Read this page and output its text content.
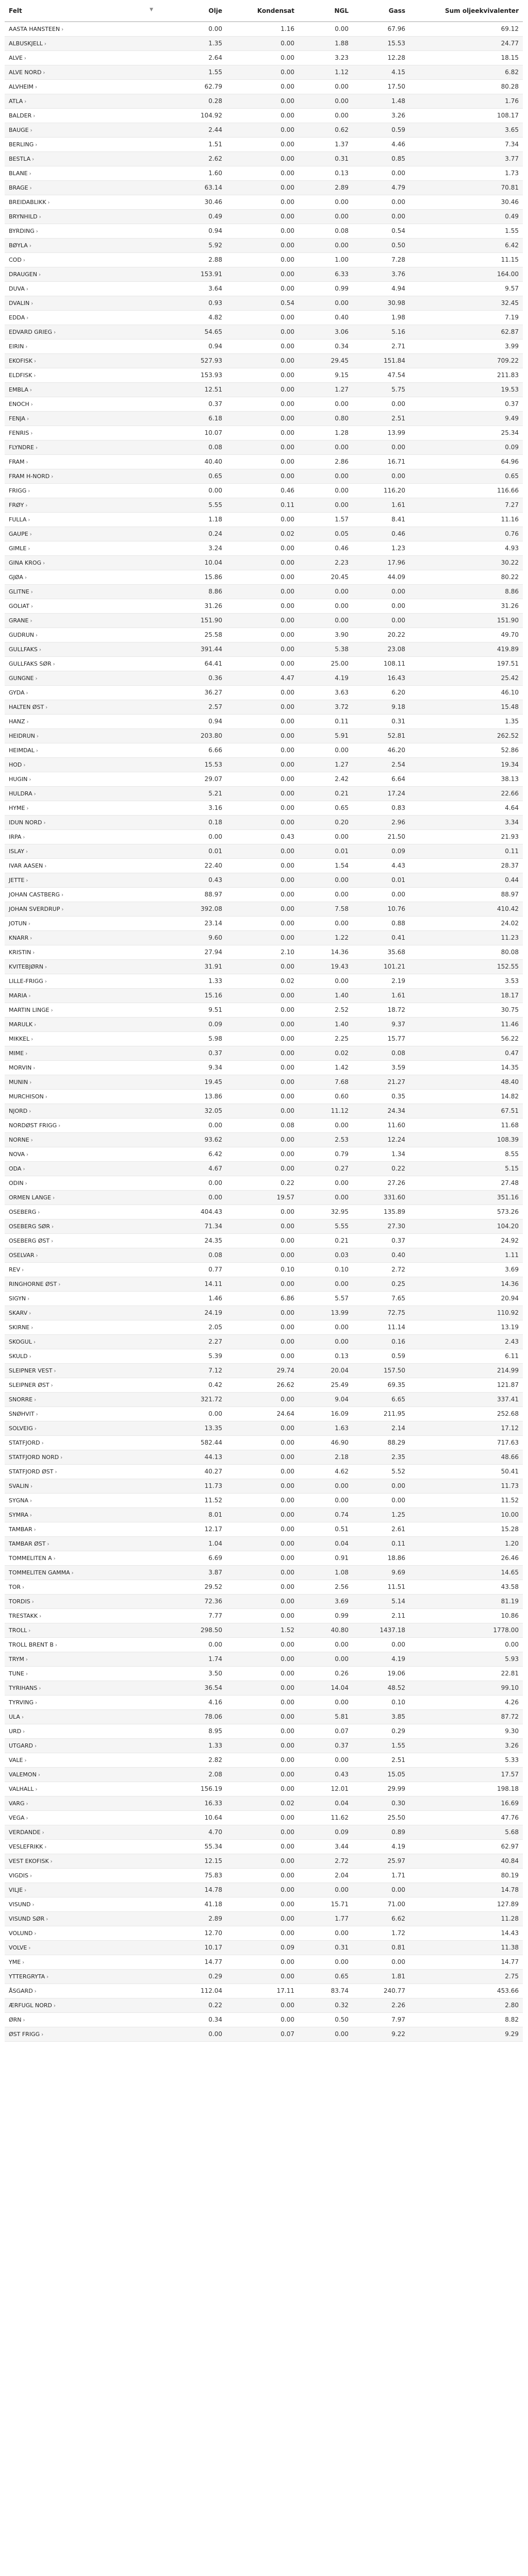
Felt ▼	Olje	Kondensat	NGL	Gass	Sum oljeekvivalenter
AASTA HANSTEEN ›	0.00	1.16	0.00	67.96	69.12
ALBUSKJELL ›	1.35	0.00	1.88	15.53	24.77
ALVE ›	2.64	0.00	3.23	12.28	18.15
ALVE NORD ›	1.55	0.00	1.12	4.15	6.82
ALVHEIM ›	62.79	0.00	0.00	17.50	80.28
ATLA ›	0.28	0.00	0.00	1.48	1.76
BALDER ›	104.92	0.00	0.00	3.26	108.17
BAUGE ›	2.44	0.00	0.62	0.59	3.65
BERLING ›	1.51	0.00	1.37	4.46	7.34
BESTLA ›	2.62	0.00	0.31	0.85	3.77
BLANE ›	1.60	0.00	0.13	0.00	1.73
BRAGE ›	63.14	0.00	2.89	4.79	70.81
BREIDABLIKK ›	30.46	0.00	0.00	0.00	30.46
BRYNHILD ›	0.49	0.00	0.00	0.00	0.49
BYRDING ›	0.94	0.00	0.08	0.54	1.55
BØYLA ›	5.92	0.00	0.00	0.50	6.42
COD ›	2.88	0.00	1.00	7.28	11.15
DRAUGEN ›	153.91	0.00	6.33	3.76	164.00
DUVA ›	3.64	0.00	0.99	4.94	9.57
DVALIN ›	0.93	0.54	0.00	30.98	32.45
EDDA ›	4.82	0.00	0.40	1.98	7.19
EDVARD GRIEG ›	54.65	0.00	3.06	5.16	62.87
EIRIN ›	0.94	0.00	0.34	2.71	3.99
EKOFISK ›	527.93	0.00	29.45	151.84	709.22
ELDFISK ›	153.93	0.00	9.15	47.54	211.83
EMBLA ›	12.51	0.00	1.27	5.75	19.53
ENOCH ›	0.37	0.00	0.00	0.00	0.37
FENJA ›	6.18	0.00	0.80	2.51	9.49
FENRIS ›	10.07	0.00	1.28	13.99	25.34
FLYNDRE ›	0.08	0.00	0.00	0.00	0.09
FRAM ›	40.40	0.00	2.86	16.71	64.96
FRAM H-NORD ›	0.65	0.00	0.00	0.00	0.65
FRIGG ›	0.00	0.46	0.00	116.20	116.66
FRØY ›	5.55	0.11	0.00	1.61	7.27
FULLA ›	1.18	0.00	1.57	8.41	11.16
GAUPE ›	0.24	0.02	0.05	0.46	0.76
GIMLE ›	3.24	0.00	0.46	1.23	4.93
GINA KROG ›	10.04	0.00	2.23	17.96	30.22
GJØA ›	15.86	0.00	20.45	44.09	80.22
GLITNE ›	8.86	0.00	0.00	0.00	8.86
GOLIAT ›	31.26	0.00	0.00	0.00	31.26
GRANE ›	151.90	0.00	0.00	0.00	151.90
GUDRUN ›	25.58	0.00	3.90	20.22	49.70
GULLFAKS ›	391.44	0.00	5.38	23.08	419.89
GULLFAKS SØR ›	64.41	0.00	25.00	108.11	197.51
GUNGNE ›	0.36	4.47	4.19	16.43	25.42
GYDA ›	36.27	0.00	3.63	6.20	46.10
HALTEN ØST ›	2.57	0.00	3.72	9.18	15.48
HANZ ›	0.94	0.00	0.11	0.31	1.35
HEIDRUN ›	203.80	0.00	5.91	52.81	262.52
HEIMDAL ›	6.66	0.00	0.00	46.20	52.86
HOD ›	15.53	0.00	1.27	2.54	19.34
HUGIN ›	29.07	0.00	2.42	6.64	38.13
HULDRA ›	5.21	0.00	0.21	17.24	22.66
HYME ›	3.16	0.00	0.65	0.83	4.64
IDUN NORD ›	0.18	0.00	0.20	2.96	3.34
IRPA ›	0.00	0.43	0.00	21.50	21.93
ISLAY ›	0.01	0.00	0.01	0.09	0.11
IVAR AASEN ›	22.40	0.00	1.54	4.43	28.37
JETTE ›	0.43	0.00	0.00	0.01	0.44
JOHAN CASTBERG ›	88.97	0.00	0.00	0.00	88.97
JOHAN SVERDRUP ›	392.08	0.00	7.58	10.76	410.42
JOTUN ›	23.14	0.00	0.00	0.88	24.02
KNARR ›	9.60	0.00	1.22	0.41	11.23
KRISTIN ›	27.94	2.10	14.36	35.68	80.08
KVITEBJØRN ›	31.91	0.00	19.43	101.21	152.55
LILLE-FRIGG ›	1.33	0.02	0.00	2.19	3.53
MARIA ›	15.16	0.00	1.40	1.61	18.17
MARTIN LINGE ›	9.51	0.00	2.52	18.72	30.75
MARULK ›	0.09	0.00	1.40	9.37	11.46
MIKKEL ›	5.98	0.00	2.25	15.77	56.22
MIME ›	0.37	0.00	0.02	0.08	0.47
MORVIN ›	9.34	0.00	1.42	3.59	14.35
MUNIN ›	19.45	0.00	7.68	21.27	48.40
MURCHISON ›	13.86	0.00	0.60	0.35	14.82
NJORD ›	32.05	0.00	11.12	24.34	67.51
NORDØST FRIGG ›	0.00	0.08	0.00	11.60	11.68
NORNE ›	93.62	0.00	2.53	12.24	108.39
NOVA ›	6.42	0.00	0.79	1.34	8.55
ODA ›	4.67	0.00	0.27	0.22	5.15
ODIN ›	0.00	0.22	0.00	27.26	27.48
ORMEN LANGE ›	0.00	19.57	0.00	331.60	351.16
OSEBERG ›	404.43	0.00	32.95	135.89	573.26
OSEBERG SØR ›	71.34	0.00	5.55	27.30	104.20
OSEBERG ØST ›	24.35	0.00	0.21	0.37	24.92
OSELVAR ›	0.08	0.00	0.03	0.40	1.11
REV ›	0.77	0.10	0.10	2.72	3.69
RINGHORNE ØST ›	14.11	0.00	0.00	0.25	14.36
SIGYN ›	1.46	6.86	5.57	7.65	20.94
SKARV ›	24.19	0.00	13.99	72.75	110.92
SKIRNE ›	2.05	0.00	0.00	11.14	13.19
SKOGUL ›	2.27	0.00	0.00	0.16	2.43
SKULD ›	5.39	0.00	0.13	0.59	6.11
SLEIPNER VEST ›	7.12	29.74	20.04	157.50	214.99
SLEIPNER ØST ›	0.42	26.62	25.49	69.35	121.87
SNORRE ›	321.72	0.00	9.04	6.65	337.41
SNØHVIT ›	0.00	24.64	16.09	211.95	252.68
SOLVEIG ›	13.35	0.00	1.63	2.14	17.12
STATFJORD ›	582.44	0.00	46.90	88.29	717.63
STATFJORD NORD ›	44.13	0.00	2.18	2.35	48.66
STATFJORD ØST ›	40.27	0.00	4.62	5.52	50.41
SVALIN ›	11.73	0.00	0.00	0.00	11.73
SYGNA ›	11.52	0.00	0.00	0.00	11.52
SYMRA ›	8.01	0.00	0.74	1.25	10.00
TAMBAR ›	12.17	0.00	0.51	2.61	15.28
TAMBAR ØST ›	1.04	0.00	0.04	0.11	1.20
TOMMELITEN A ›	6.69	0.00	0.91	18.86	26.46
TOMMELITEN GAMMA ›	3.87	0.00	1.08	9.69	14.65
TOR ›	29.52	0.00	2.56	11.51	43.58
TORDIS ›	72.36	0.00	3.69	5.14	81.19
TRESTAKK ›	7.77	0.00	0.99	2.11	10.86
TROLL ›	298.50	1.52	40.80	1437.18	1778.00
TROLL BRENT B ›	0.00	0.00	0.00	0.00	0.00
TRYM ›	1.74	0.00	0.00	4.19	5.93
TUNE ›	3.50	0.00	0.26	19.06	22.81
TYRIHANS ›	36.54	0.00	14.04	48.52	99.10
TYRVING ›	4.16	0.00	0.00	0.10	4.26
ULA ›	78.06	0.00	5.81	3.85	87.72
URD ›	8.95	0.00	0.07	0.29	9.30
UTGARD ›	1.33	0.00	0.37	1.55	3.26
VALE ›	2.82	0.00	0.00	2.51	5.33
VALEMON ›	2.08	0.00	0.43	15.05	17.57
VALHALL ›	156.19	0.00	12.01	29.99	198.18
VARG ›	16.33	0.02	0.04	0.30	16.69
VEGA ›	10.64	0.00	11.62	25.50	47.76
VERDANDE ›	4.70	0.00	0.09	0.89	5.68
VESLEFRIKK ›	55.34	0.00	3.44	4.19	62.97
VEST EKOFISK ›	12.15	0.00	2.72	25.97	40.84
VIGDIS ›	75.83	0.00	2.04	1.71	80.19
VILJE ›	14.78	0.00	0.00	0.00	14.78
VISUND ›	41.18	0.00	15.71	71.00	127.89
VISUND SØR ›	2.89	0.00	1.77	6.62	11.28
VOLUND ›	12.70	0.00	0.00	1.72	14.43
VOLVE ›	10.17	0.09	0.31	0.81	11.38
YME ›	14.77	0.00	0.00	0.00	14.77
YTTERGRYTA ›	0.29	0.00	0.65	1.81	2.75
ÅSGARD ›	112.04	17.11	83.74	240.77	453.66
ÆRFUGL NORD ›	0.22	0.00	0.32	2.26	2.80
ØRN ›	0.34	0.00	0.50	7.97	8.82
ØST FRIGG ›	0.00	0.07	0.00	9.22	9.29
